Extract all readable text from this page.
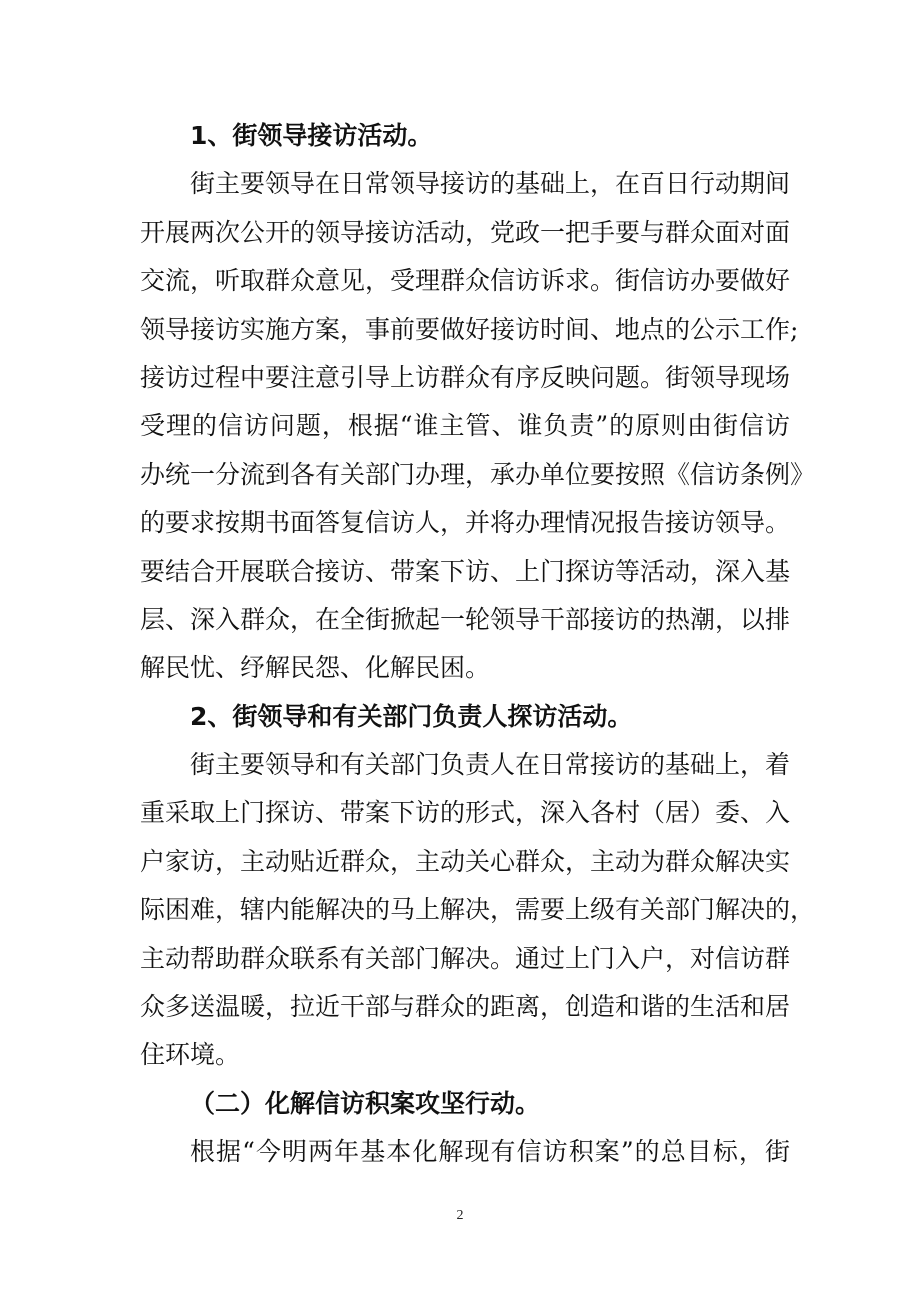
1、街领导接访活动。
街主要领导在日常领导接访的基础上，在百日行动期间
开展两次公开的领导接访活动，党政一把手要与群众面对面
交流，听取群众意见，受理群众信访诉求。街信访办要做好
领导接访实施方案，事前要做好接访时间、地点的公示工作;
接访过程中要注意引导上访群众有序反映问题。街领导现场
受理的信访问题，根据“谁主管、谁负责”的原则由街信访
办统一分流到各有关部门办理，承办单位要按照《信访条例》
的要求按期书面答复信访人，并将办理情况报告接访领导。
要结合开展联合接访、带案下访、上门探访等活动，深入基
层、深入群众，在全街掀起一轮领导干部接访的热潮，以排
解民忧、纾解民怨、化解民困。
2、街领导和有关部门负责人探访活动。
街主要领导和有关部门负责人在日常接访的基础上，着
重采取上门探访、带案下访的形式，深入各村（居）委、入
户家访，主动贴近群众，主动关心群众，主动为群众解决实
际困难，辖内能解决的马上解决，需要上级有关部门解决的，
主动帮助群众联系有关部门解决。通过上门入户，对信访群
众多送温暖，拉近干部与群众的距离，创造和谐的生活和居
住环境。
（二）化解信访积案攻坚行动。
根据“今明两年基本化解现有信访积案”的总目标，街
2
